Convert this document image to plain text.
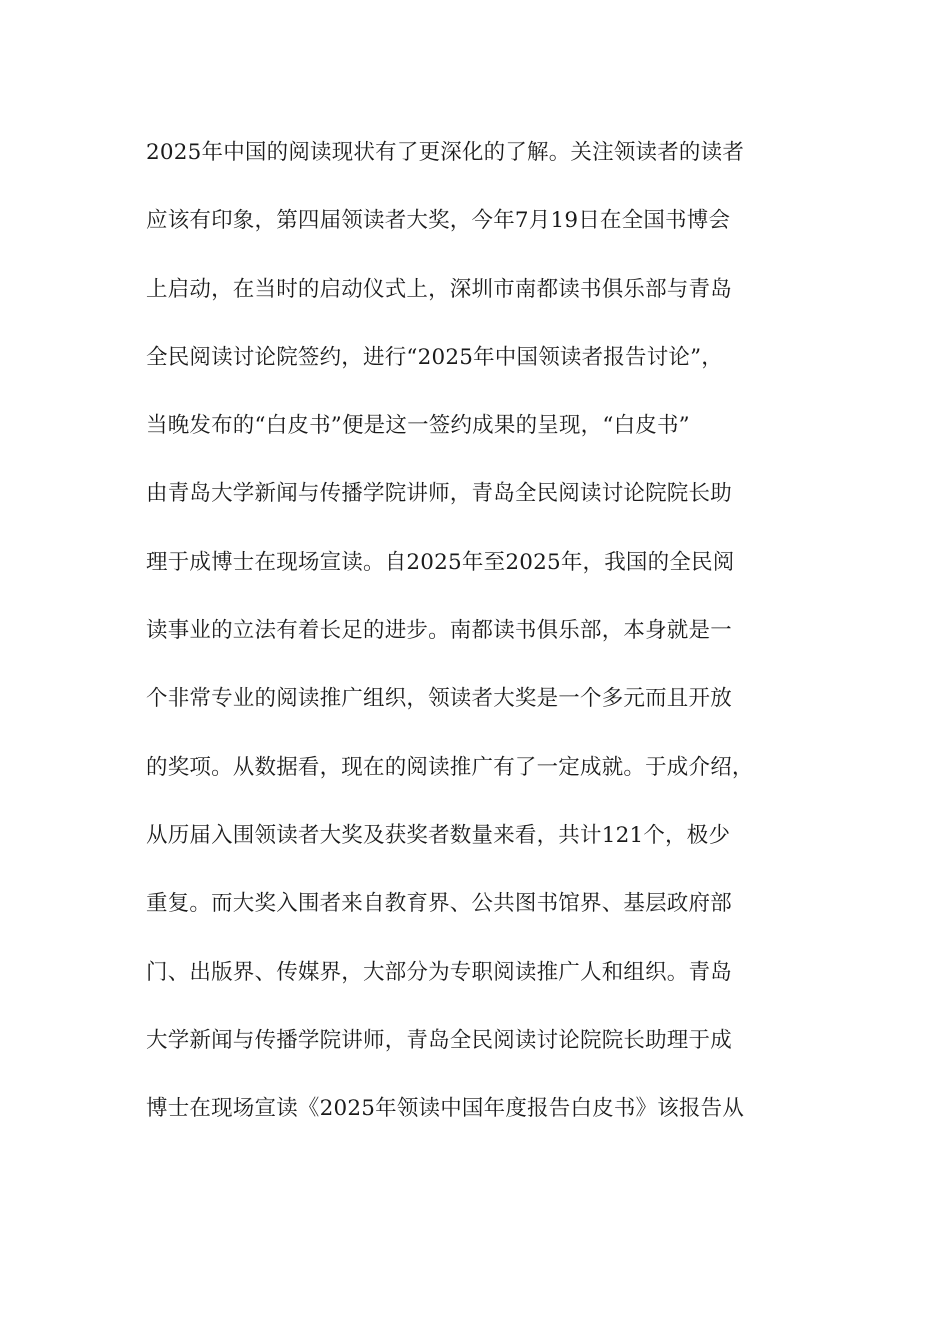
2025年中国的阅读现状有了更深化的了解。关注领读者的读者
应该有印象，第四届领读者大奖，今年7月19日在全国书博会
上启动，在当时的启动仪式上，深圳市南都读书俱乐部与青岛
全民阅读讨论院签约，进行“2025年中国领读者报告讨论”，
当晚发布的“白皮书”便是这一签约成果的呈现，“白皮书”
由青岛大学新闻与传播学院讲师，青岛全民阅读讨论院院长助
理于成博士在现场宣读。自2025年至2025年，我国的全民阅
读事业的立法有着长足的进步。南都读书俱乐部，本身就是一
个非常专业的阅读推广组织，领读者大奖是一个多元而且开放
的奖项。从数据看，现在的阅读推广有了一定成就。于成介绍，
从历届入围领读者大奖及获奖者数量来看，共计121个，极少
重复。而大奖入围者来自教育界、公共图书馆界、基层政府部
门、出版界、传媒界，大部分为专职阅读推广人和组织。青岛
大学新闻与传播学院讲师，青岛全民阅读讨论院院长助理于成
博士在现场宣读《2025年领读中国年度报告白皮书》该报告从
